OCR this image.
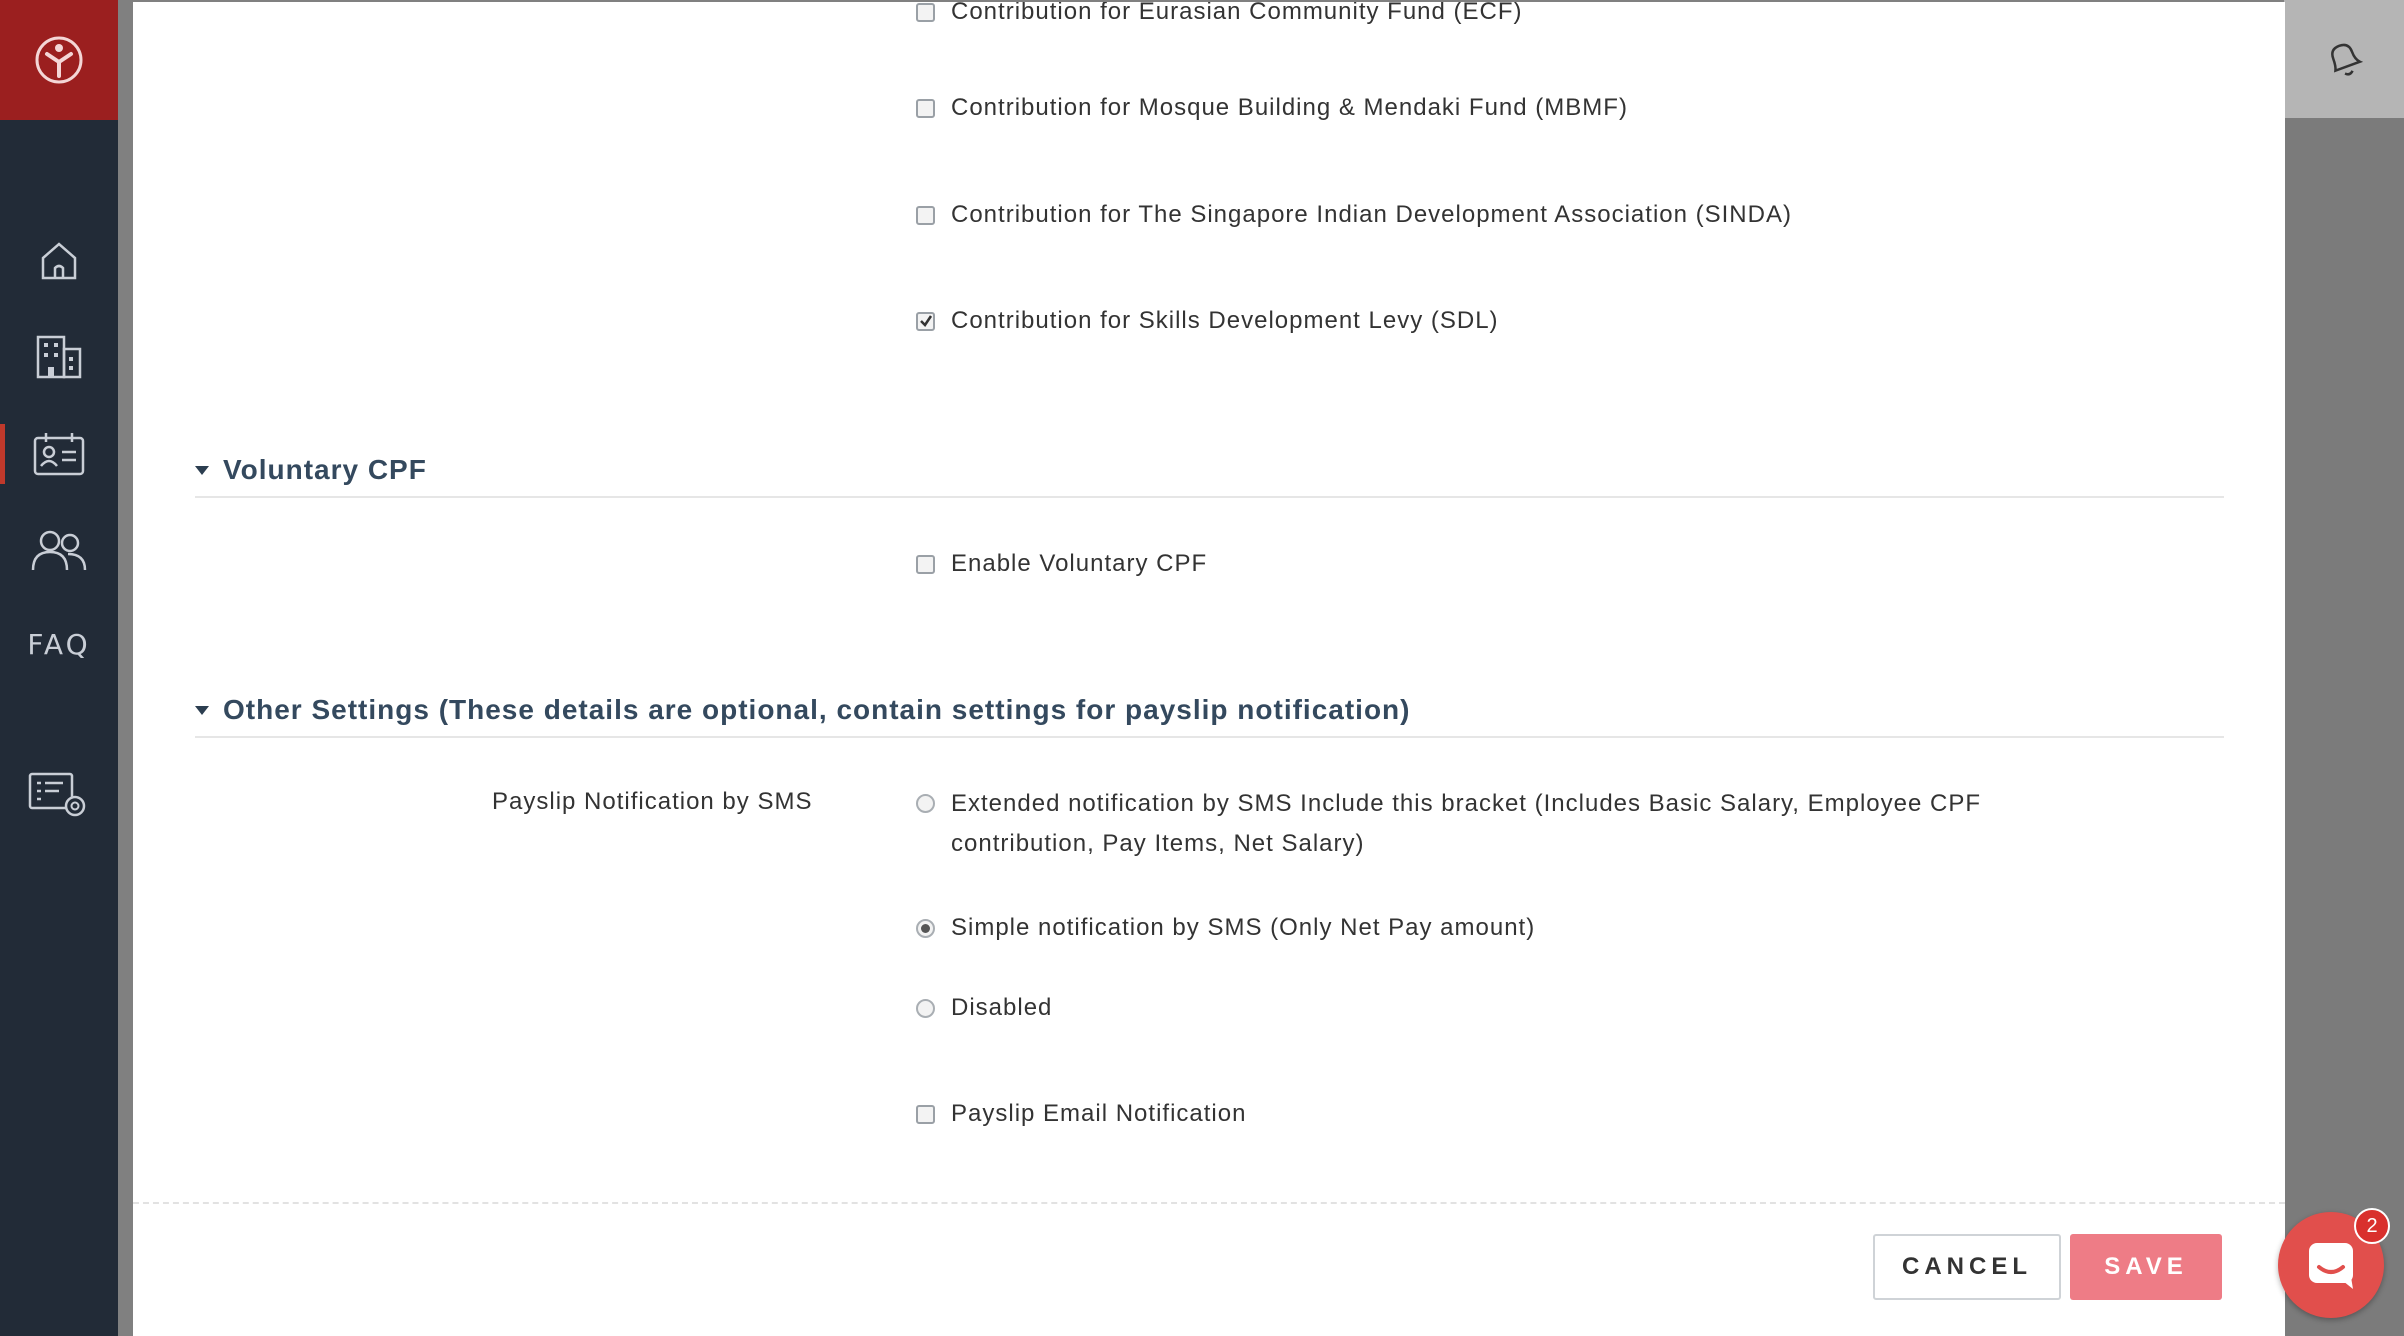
FAQ
Contribution for Eurasian Community Fund (ECF)
Contribution for Mosque Building & Mendaki Fund (MBMF)
Contribution for The Singapore Indian Development Association (SINDA)
Contribution for Skills Development Levy (SDL)
Voluntary CPF
Enable Voluntary CPF
Other Settings (These details are optional, contain settings for payslip notification)
Payslip Notification by SMS	Extended notification by SMS Include this bracket (Includes Basic Salary, Employee CPF contribution, Pay Items, Net Salary)
Simple notification by SMS (Only Net Pay amount)
Disabled
Payslip Email Notification
CANCEL	SAVE
2
